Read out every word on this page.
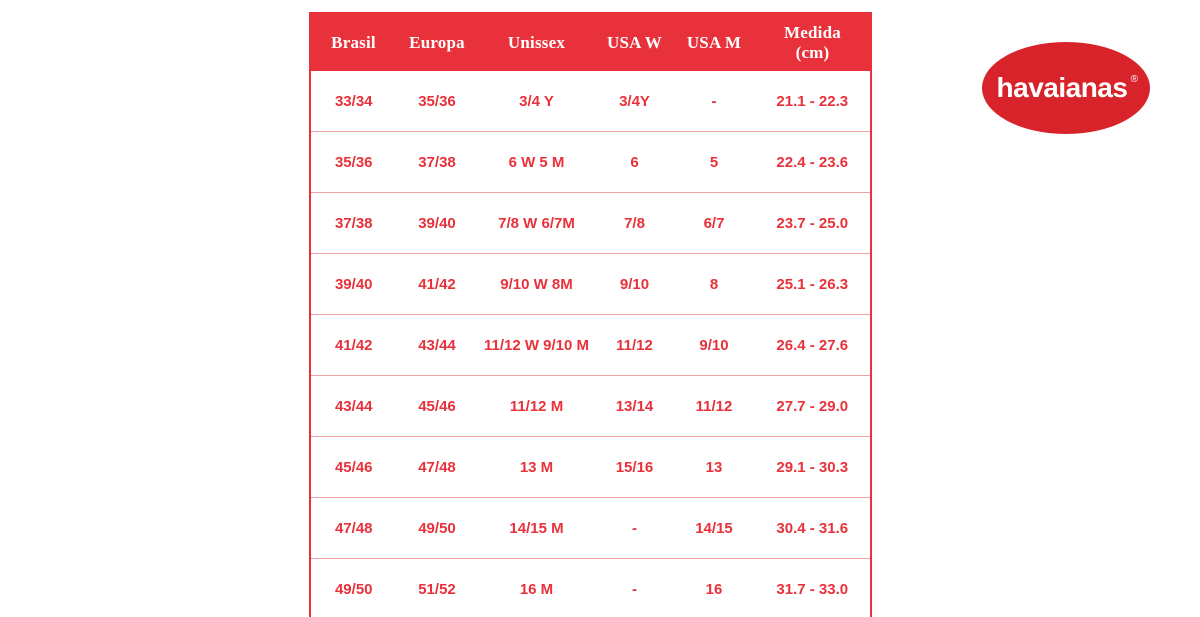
Brasil	Europa	Unissex	USA W	USA M	Medida
(cm)
33/34	35/36	3/4 Y	3/4Y	-	21.1 - 22.3
35/36	37/38	6 W 5 M	6	5	22.4 - 23.6
37/38	39/40	7/8 W 6/7M	7/8	6/7	23.7 - 25.0
39/40	41/42	9/10 W 8M	9/10	8	25.1 - 26.3
41/42	43/44	11/12 W 9/10 M	11/12	9/10	26.4 - 27.6
43/44	45/46	11/12 M	13/14	11/12	27.7 - 29.0
45/46	47/48	13 M	15/16	13	29.1 - 30.3
47/48	49/50	14/15 M	-	14/15	30.4 - 31.6
49/50	51/52	16 M	-	16	31.7 - 33.0
havaianas ®
